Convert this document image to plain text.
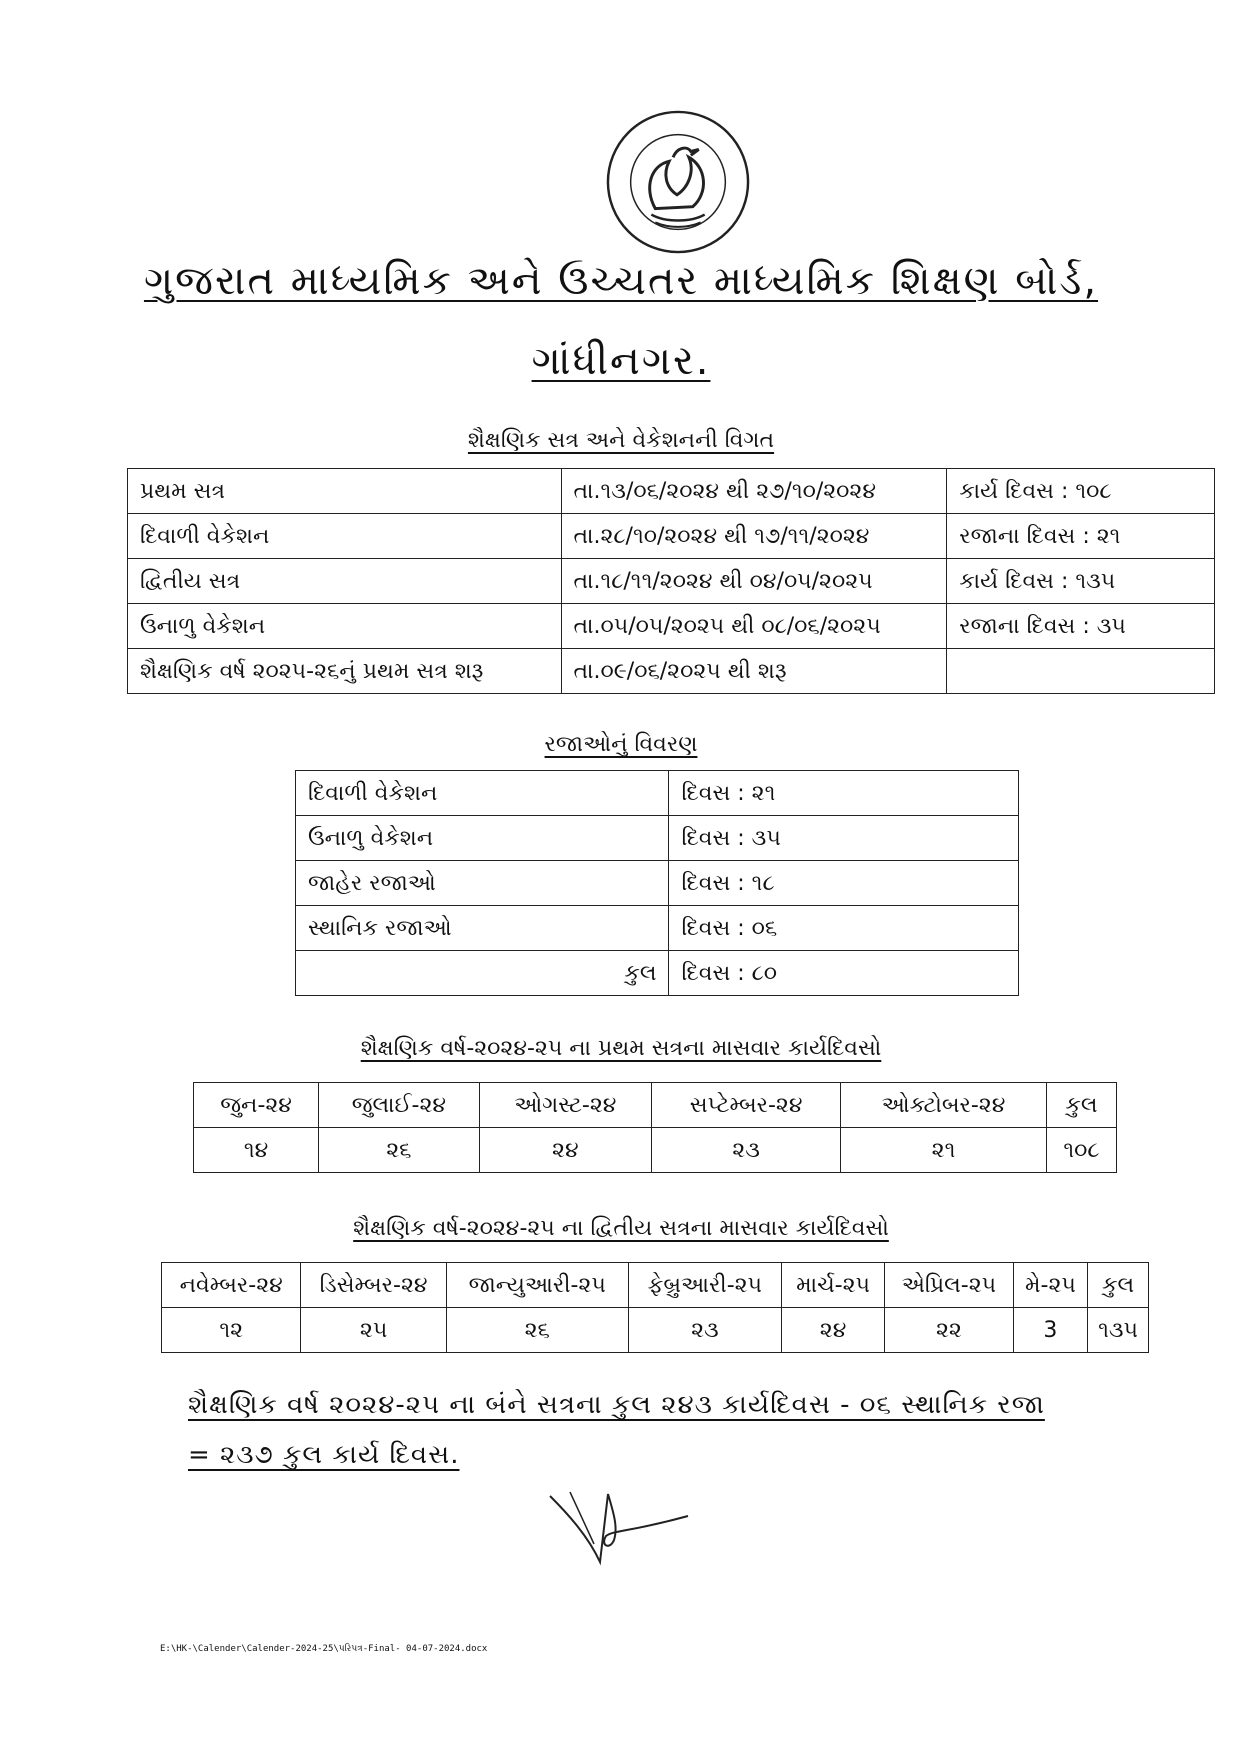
ગુજરાત માધ્યમિક અને ઉચ્ચતર માધ્યમિક શિક્ષણ બોર્ડ,
ગાંધીનગર.
શૈક્ષણિક સત્ર અને વેકેશનની વિગત
પ્રથમ સત્ર	તા.૧૩/૦૬/૨૦૨૪ થી ૨૭/૧૦/૨૦૨૪	કાર્ય દિવસ : ૧૦૮
દિવાળી વેકેશન	તા.૨૮/૧૦/૨૦૨૪ થી ૧૭/૧૧/૨૦૨૪	રજાના દિવસ : ૨૧
દ્વિતીય સત્ર	તા.૧૮/૧૧/૨૦૨૪ થી ૦૪/૦૫/૨૦૨૫	કાર્ય દિવસ : ૧૩૫
ઉનાળુ વેકેશન	તા.૦૫/૦૫/૨૦૨૫ થી ૦૮/૦૬/૨૦૨૫	રજાના દિવસ : ૩૫
શૈક્ષણિક વર્ષ ૨૦૨૫-૨૬નું પ્રથમ સત્ર શરૂ	તા.૦૯/૦૬/૨૦૨૫ થી શરૂ	
રજાઓનું વિવરણ
દિવાળી વેકેશન	દિવસ : ૨૧
ઉનાળુ વેકેશન	દિવસ : ૩૫
જાહેર રજાઓ	દિવસ : ૧૮
સ્થાનિક રજાઓ	દિવસ : ૦૬
કુલ	દિવસ : ૮૦
શૈક્ષણિક વર્ષ-૨૦૨૪-૨૫ ના પ્રથમ સત્રના માસવાર કાર્યદિવસો
જુન-૨૪	જુલાઈ-૨૪	ઓગસ્ટ-૨૪	સપ્ટેમ્બર-૨૪	ઓક્ટોબર-૨૪	કુલ
૧૪	૨૬	૨૪	૨૩	૨૧	૧૦૮
શૈક્ષણિક વર્ષ-૨૦૨૪-૨૫ ના દ્વિતીય સત્રના માસવાર કાર્યદિવસો
નવેમ્બર-૨૪	ડિસેમ્બર-૨૪	જાન્યુઆરી-૨૫	ફેબ્રુઆરી-૨૫	માર્ચ-૨૫	એપ્રિલ-૨૫	મે-૨૫	કુલ
૧૨	૨૫	૨૬	૨૩	૨૪	૨૨	3	૧૩૫
શૈક્ષણિક વર્ષ ૨૦૨૪-૨૫ ના બંને સત્રના કુલ ૨૪૩ કાર્યદિવસ - ૦૬ સ્થાનિક રજા
= ૨૩૭ કુલ કાર્ય દિવસ.
E:\HK-\Calender\Calender-2024-25\પરિપત્ર-Final- 04-07-2024.docx
